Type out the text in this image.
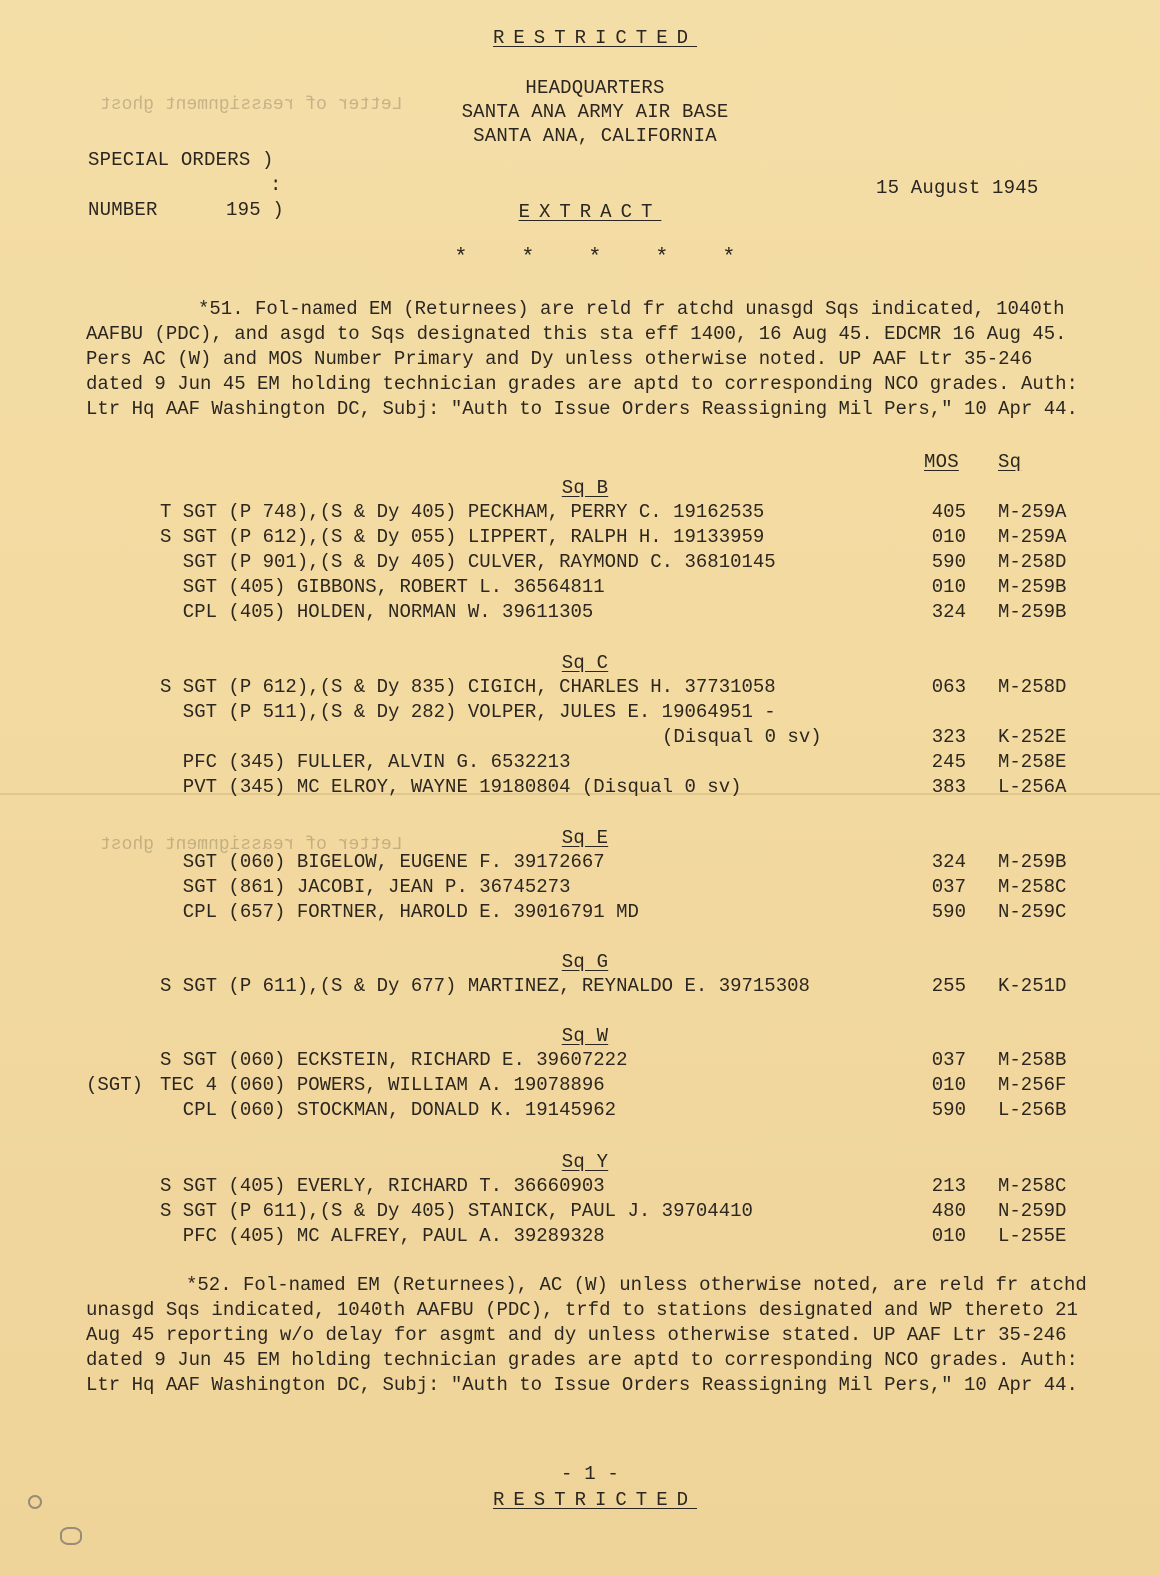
Letter of reassignment ghost
Letter of reassignment ghost
RESTRICTED
HEADQUARTERS
SANTA ANA ARMY AIR BASE
SANTA ANA, CALIFORNIA
SPECIAL ORDERS )
:
NUMBER	195 )
15 August 1945
EXTRACT
*    *    *    *    *
*51. Fol-named EM (Returnees) are reld fr atchd unasgd Sqs indicated, 1040th AAFBU (PDC), and asgd to Sqs designated this sta eff 1400, 16 Aug 45. EDCMR 16 Aug 45. Pers AC (W) and MOS Number Primary and Dy unless otherwise noted. UP AAF Ltr 35-246 dated 9 Jun 45 EM holding technician grades are aptd to corresponding NCO grades. Auth: Ltr Hq AAF Washington DC, Subj: "Auth to Issue Orders Reassigning Mil Pers," 10 Apr 44.
MOS Sq
Sq B
T SGT (P 748),(S & Dy 405) PECKHAM, PERRY C. 19162535	405 M-259A
S SGT (P 612),(S & Dy 055) LIPPERT, RALPH H. 19133959	010 M-259A
SGT (P 901),(S & Dy 405) CULVER, RAYMOND C. 36810145	590 M-258D
SGT (405) GIBBONS, ROBERT L. 36564811	010 M-259B
CPL (405) HOLDEN, NORMAN W. 39611305	324 M-259B
Sq C
S SGT (P 612),(S & Dy 835) CIGICH, CHARLES H. 37731058	063 M-258D
SGT (P 511),(S & Dy 282) VOLPER, JULES E. 19064951 -
(Disqual 0 sv)	323 K-252E
PFC (345) FULLER, ALVIN G. 6532213	245 M-258E
PVT (345) MC ELROY, WAYNE 19180804 (Disqual 0 sv)	383 L-256A
Sq E
SGT (060) BIGELOW, EUGENE F. 39172667	324 M-259B
SGT (861) JACOBI, JEAN P. 36745273	037 M-258C
CPL (657) FORTNER, HAROLD E. 39016791 MD	590 N-259C
Sq G
S SGT (P 611),(S & Dy 677) MARTINEZ, REYNALDO E. 39715308	255 K-251D
Sq W
S SGT (060) ECKSTEIN, RICHARD E. 39607222	037 M-258B
(SGT) TEC 4 (060) POWERS, WILLIAM A. 19078896	010 M-256F
CPL (060) STOCKMAN, DONALD K. 19145962	590 L-256B
Sq Y
S SGT (405) EVERLY, RICHARD T. 36660903	213 M-258C
S SGT (P 611),(S & Dy 405) STANICK, PAUL J. 39704410	480 N-259D
PFC (405) MC ALFREY, PAUL A. 39289328	010 L-255E
*52. Fol-named EM (Returnees), AC (W) unless otherwise noted, are reld fr atchd unasgd Sqs indicated, 1040th AAFBU (PDC), trfd to stations designated and WP thereto 21 Aug 45 reporting w/o delay for asgmt and dy unless otherwise stated. UP AAF Ltr 35-246 dated 9 Jun 45 EM holding technician grades are aptd to corresponding NCO grades. Auth: Ltr Hq AAF Washington DC, Subj: "Auth to Issue Orders Reassigning Mil Pers," 10 Apr 44.
- 1 -
RESTRICTED
